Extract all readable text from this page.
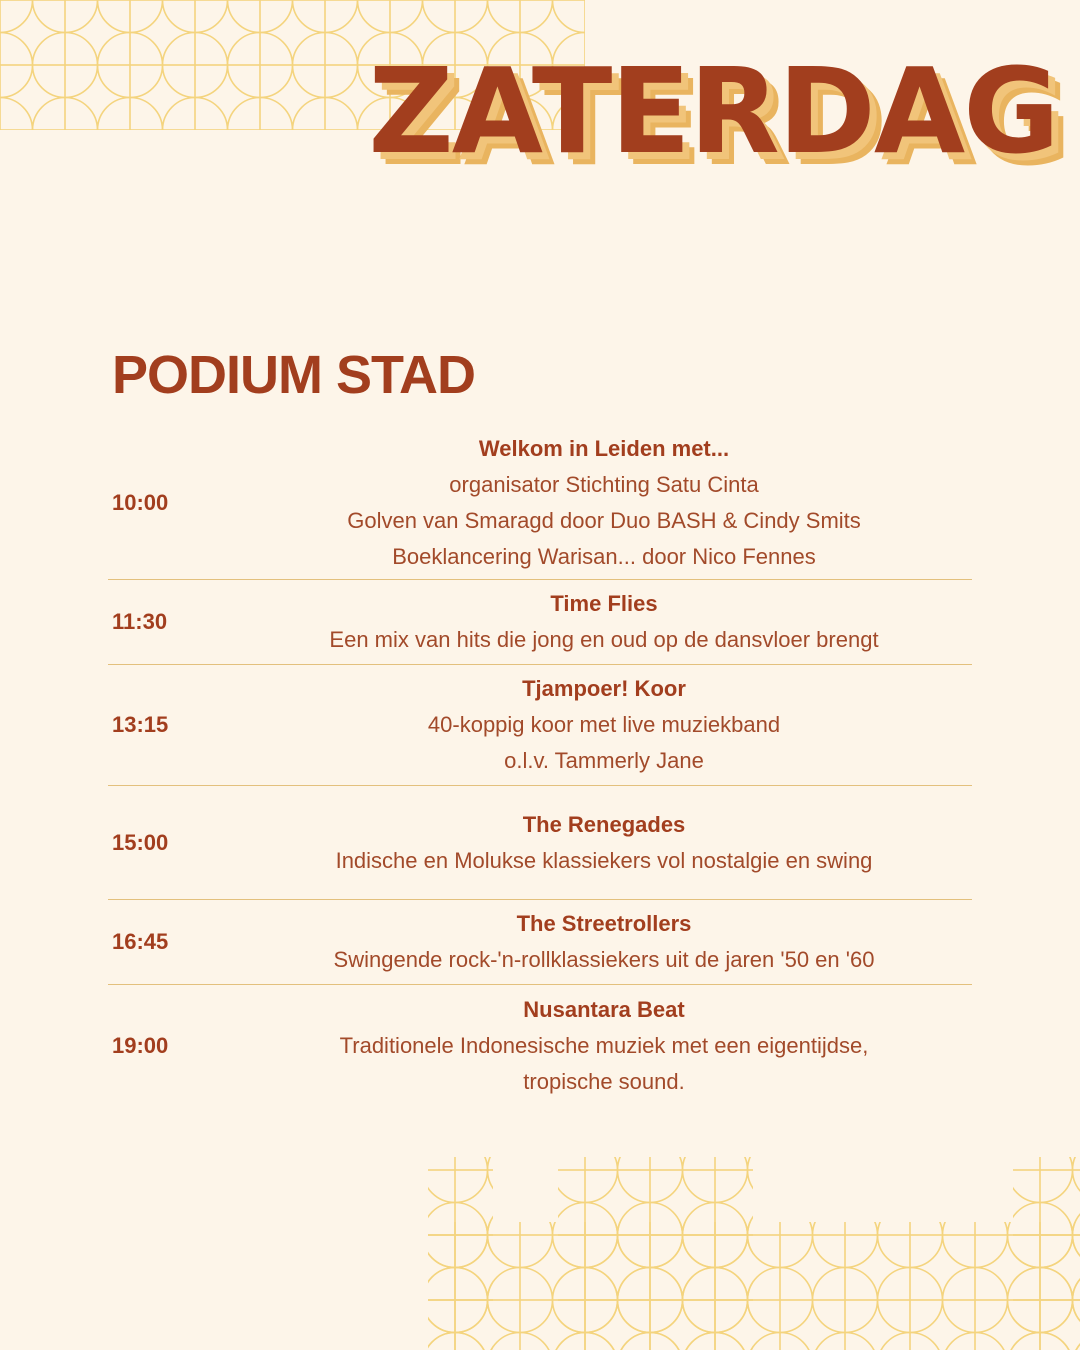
ZATERDAG
PODIUM STAD
10:00
Welkom in Leiden met...
organisator Stichting Satu Cinta
Golven van Smaragd door Duo BASH & Cindy Smits
Boeklancering Warisan... door Nico Fennes
11:30
Time Flies
Een mix van hits die jong en oud op de dansvloer brengt
13:15
Tjampoer! Koor
40-koppig koor met live muziekband
o.l.v. Tammerly Jane
15:00
The Renegades
Indische en Molukse klassiekers vol nostalgie en swing
16:45
The Streetrollers
Swingende rock-'n-rollklassiekers uit de jaren '50 en '60
19:00
Nusantara Beat
Traditionele Indonesische muziek met een eigentijdse,
tropische sound.
